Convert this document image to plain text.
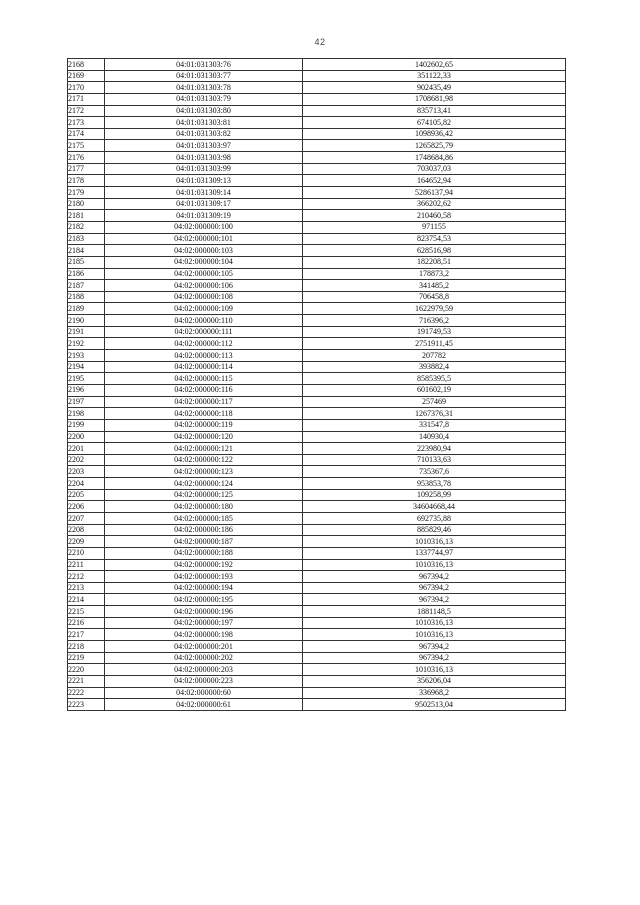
42
2168	04:01:031303:76	1402602,65
2169	04:01:031303:77	351122,33
2170	04:01:031303:78	902435,49
2171	04:01:031303:79	1708681,98
2172	04:01:031303:80	835713,41
2173	04:01:031303:81	674105,82
2174	04:01:031303:82	1098936,42
2175	04:01:031303:97	1265825,79
2176	04:01:031303:98	1748684,86
2177	04:01:031303:99	703037,03
2178	04:01:031309:13	164652,94
2179	04:01:031309:14	5286137,94
2180	04:01:031309:17	366202,62
2181	04:01:031309:19	210460,58
2182	04:02:000000:100	971155
2183	04:02:000000:101	823754,53
2184	04:02:000000:103	628516,98
2185	04:02:000000:104	182208,51
2186	04:02:000000:105	178873,2
2187	04:02:000000:106	341485,2
2188	04:02:000000:108	706458,8
2189	04:02:000000:109	1622979,59
2190	04:02:000000:110	716396,2
2191	04:02:000000:111	191749,53
2192	04:02:000000:112	2751911,45
2193	04:02:000000:113	207782
2194	04:02:000000:114	393882,4
2195	04:02:000000:115	8585395,5
2196	04:02:000000:116	601602,19
2197	04:02:000000:117	257469
2198	04:02:000000:118	1267376,31
2199	04:02:000000:119	331547,8
2200	04:02:000000:120	140930,4
2201	04:02:000000:121	223980,94
2202	04:02:000000:122	710133,63
2203	04:02:000000:123	735367,6
2204	04:02:000000:124	953853,78
2205	04:02:000000:125	109258,99
2206	04:02:000000:180	34604668,44
2207	04:02:000000:185	692735,88
2208	04:02:000000:186	885829,46
2209	04:02:000000:187	1010316,13
2210	04:02:000000:188	1337744,97
2211	04:02:000000:192	1010316,13
2212	04:02:000000:193	967394,2
2213	04:02:000000:194	967394,2
2214	04:02:000000:195	967394,2
2215	04:02:000000:196	1881148,5
2216	04:02:000000:197	1010316,13
2217	04:02:000000:198	1010316,13
2218	04:02:000000:201	967394,2
2219	04:02:000000:202	967394,2
2220	04:02:000000:203	1010316,13
2221	04:02:000000:223	356206,04
2222	04:02:000000:60	336968,2
2223	04:02:000000:61	9502513,04
